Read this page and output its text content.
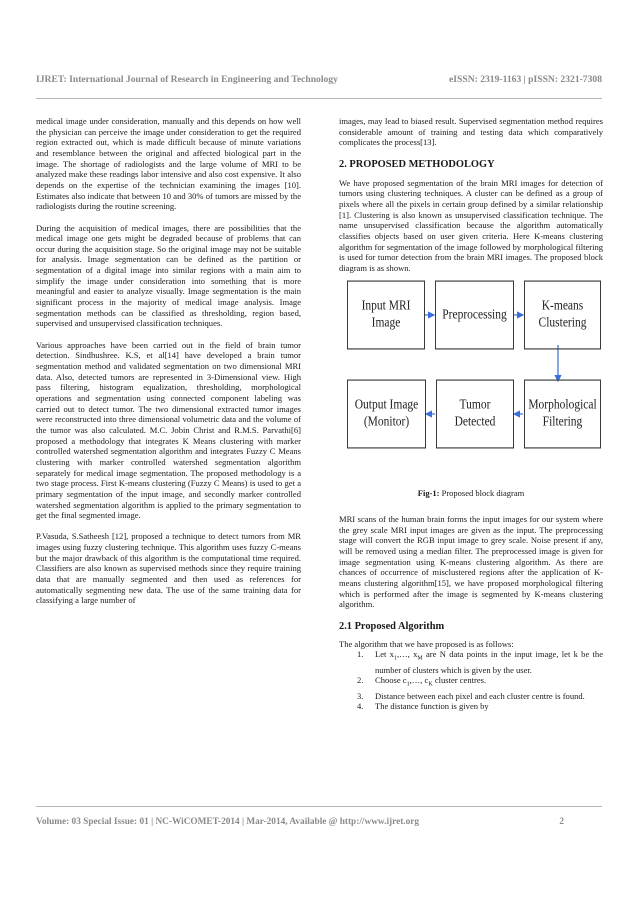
IJRET: International Journal of Research in Engineering and Technology	eISSN: 2319-1163 | pISSN: 2321-7308

medical image under consideration, manually and this depends on how well the physician can perceive the image under consideration to get the required region extracted out, which is made difficult because of minute variations and resemblance between the original and affected biological part in the image. The shortage of radiologists and the large volume of MRI to be analyzed make these readings labor intensive and also cost expensive. It also depends on the expertise of the technician examining the images [10]. Estimates also indicate that between 10 and 30% of tumors are missed by the radiologists during the routine screening.

During the acquisition of medical images, there are possibilities that the medical image one gets might be degraded because of problems that can occur during the acquisition stage. So the original image may not be suitable for analysis. Image segmentation can be defined as the partition or segmentation of a digital image into similar regions with a main aim to simplify the image under consideration into something that is more meaningful and easier to analyze visually. Image segmentation is the main significant process in the majority of medical image analysis. Image segmentation methods can be classified as thresholding, region based, supervised and unsupervised classification techniques.

Various approaches have been carried out in the field of brain tumor detection. Sindhushree. K.S, et al[14] have developed a brain tumor segmentation method and validated segmentation on two dimensional MRI data. Also, detected tumors are represented in 3-Dimensional view. High pass filtering, histogram equalization, thresholding, morphological operations and segmentation using connected component labeling was carried out to detect tumor. The two dimensional extracted tumor images were reconstructed into three dimensional volumetric data and the volume of the tumor was also calculated. M.C. Jobin Christ and R.M.S. Parvathi[6] proposed a methodology that integrates K Means clustering with marker controlled watershed segmentation algorithm and integrates Fuzzy C Means clustering with marker controlled watershed segmentation algorithm separately for medical image segmentation. The proposed methodology is a two stage process. First K-means clustering (Fuzzy C Means) is used to get a primary segmentation of the input image, and secondly marker controlled watershed segmentation algorithm is applied to the primary segmentation to get the final segmented image.

P.Vasuda, S.Satheesh [12], proposed a technique to detect tumors from MR images using fuzzy clustering technique. This algorithm uses fuzzy C-means but the major drawback of this algorithm is the computational time required. Classifiers are also known as supervised methods since they require training data that are manually segmented and then used as references for automatically segmenting new data. The use of the same training data for classifying a large number of

images, may lead to biased result. Supervised segmentation method requires considerable amount of training and testing data which comparatively complicates the process[13].

2. PROPOSED METHODOLOGY

We have proposed segmentation of the brain MRI images for detection of tumors using clustering techniques. A cluster can be defined as a group of pixels where all the pixels in certain group defined by a similar relationship [1]. Clustering is also known as unsupervised classification technique. The name unsupervised classification because the algorithm automatically classifies objects based on user given criteria. Here K-means clustering algorithm for segmentation of the image followed by morphological filtering is used for tumor detection from the brain MRI images. The proposed block diagram is as shown.

Input MRI
Image
Preprocessing
K-means
Clustering
Output Image
(Monitor)
Tumor
Detected
Morphological
Filtering

Fig-1: Proposed block diagram

MRI scans of the human brain forms the input images for our system where the grey scale MRI input images are given as the input. The preprocessing stage will convert the RGB input image to grey scale. Noise present if any, will be removed using a median filter. The preprocessed image is given for image segmentation using K-means clustering algorithm. As there are chances of occurrence of misclustered regions after the application of K-means clustering algorithm[15], we have proposed morphological filtering which is performed after the image is segmented by K-means clustering algorithm.

2.1 Proposed Algorithm

The algorithm that we have proposed is as follows:

1. Let $x_1,\dots$, $x_M$ are N data points in the input image, let k be the number of clusters which is given by the user.
2. Choose $c_1,\dots$, $c_K$ cluster centres.
3. Distance between each pixel and each cluster centre is found.
4. The distance function is given by
Volume: 03 Special Issue: 01 | NC-WiCOMET-2014 | Mar-2014, Available @ http://www.ijret.org	2
